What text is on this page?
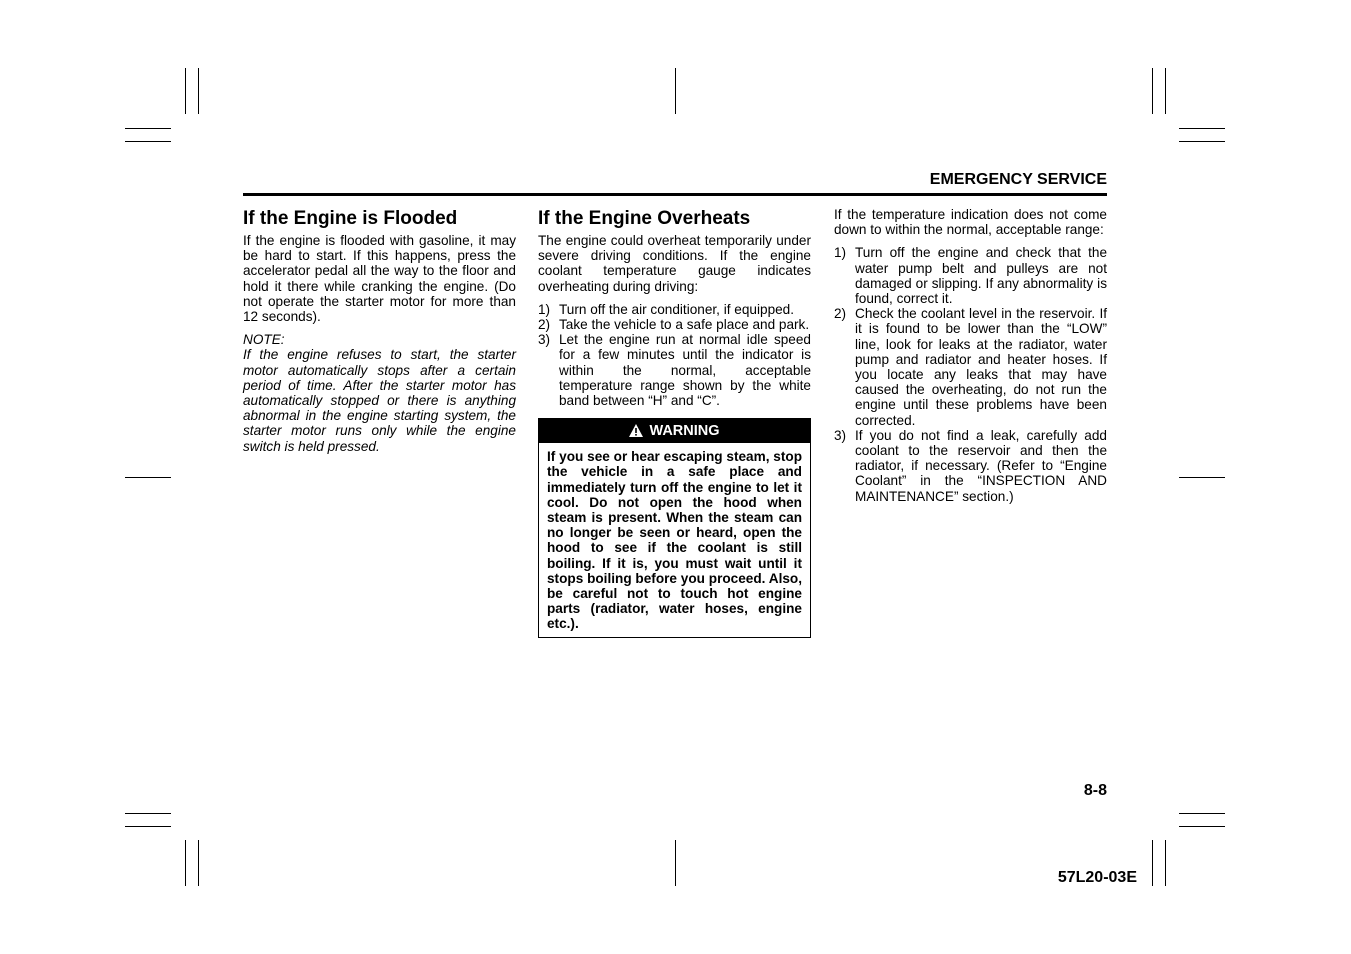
EMERGENCY SERVICE
If the Engine is Flooded

If the engine is flooded with gasoline, it may be hard to start. If this happens, press the accelerator pedal all the way to the floor and hold it there while cranking the engine. (Do not operate the starter motor for more than 12 seconds).

NOTE:

If the engine refuses to start, the starter motor automatically stops after a certain period of time. After the starter motor has automatically stopped or there is anything abnormal in the engine starting system, the starter motor runs only while the engine switch is held pressed.

If the Engine Overheats

The engine could overheat temporarily under severe driving conditions. If the engine coolant temperature gauge indicates overheating during driving:

1) Turn off the air conditioner, if equipped.
2) Take the vehicle to a safe place and park.
3) Let the engine run at normal idle speed for a few minutes until the indicator is within the normal, acceptable temperature range shown by the white band between “H” and “C”.
WARNING
If you see or hear escaping steam, stop the vehicle in a safe place and immediately turn off the engine to let it cool. Do not open the hood when steam is present. When the steam can no longer be seen or heard, open the hood to see if the coolant is still boiling. If it is, you must wait until it stops boiling before you proceed. Also, be careful not to touch hot engine parts (radiator, water hoses, engine etc.).

If the temperature indication does not come down to within the normal, acceptable range:

1) Turn off the engine and check that the water pump belt and pulleys are not damaged or slipping. If any abnormality is found, correct it.
2) Check the coolant level in the reservoir. If it is found to be lower than the “LOW” line, look for leaks at the radiator, water pump and radiator and heater hoses. If you locate any leaks that may have caused the overheating, do not run the engine until these problems have been corrected.
3) If you do not find a leak, carefully add coolant to the reservoir and then the radiator, if necessary. (Refer to “Engine Coolant” in the “INSPECTION AND MAINTENANCE” section.)
8-8
57L20-03E
